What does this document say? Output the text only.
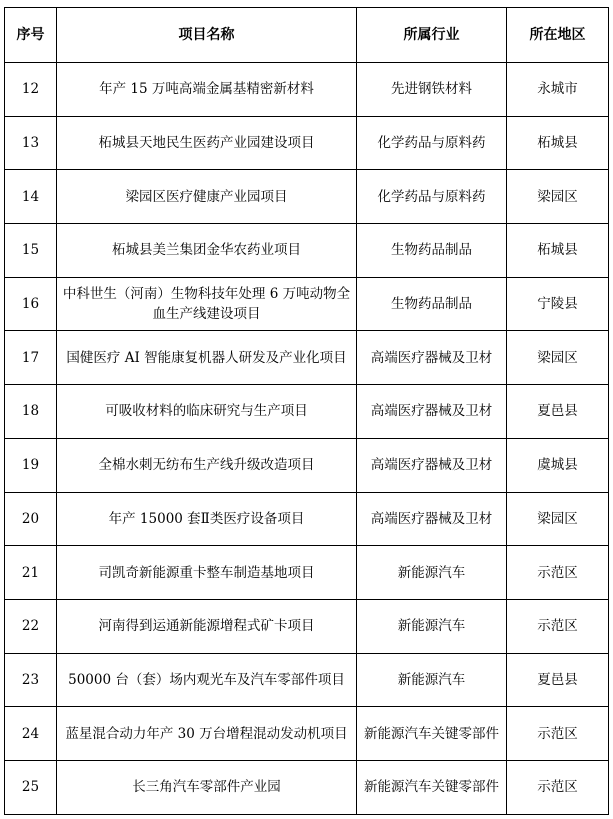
序号	项目名称	所属行业	所在地区
12	年产 15 万吨高端金属基精密新材料	先进钢铁材料	永城市
13	柘城县天地民生医药产业园建设项目	化学药品与原料药	柘城县
14	梁园区医疗健康产业园项目	化学药品与原料药	梁园区
15	柘城县美兰集团金华农药业项目	生物药品制品	柘城县
16	中科世生（河南）生物科技年处理 6 万吨动物全血生产线建设项目	生物药品制品	宁陵县
17	国健医疗 AI 智能康复机器人研发及产业化项目	高端医疗器械及卫材	梁园区
18	可吸收材料的临床研究与生产项目	高端医疗器械及卫材	夏邑县
19	全棉水刺无纺布生产线升级改造项目	高端医疗器械及卫材	虞城县
20	年产 15000 套Ⅱ类医疗设备项目	高端医疗器械及卫材	梁园区
21	司凯奇新能源重卡整车制造基地项目	新能源汽车	示范区
22	河南得到运通新能源增程式矿卡项目	新能源汽车	示范区
23	50000 台（套）场内观光车及汽车零部件项目	新能源汽车	夏邑县
24	蓝星混合动力年产 30 万台增程混动发动机项目	新能源汽车关键零部件	示范区
25	长三角汽车零部件产业园	新能源汽车关键零部件	示范区
